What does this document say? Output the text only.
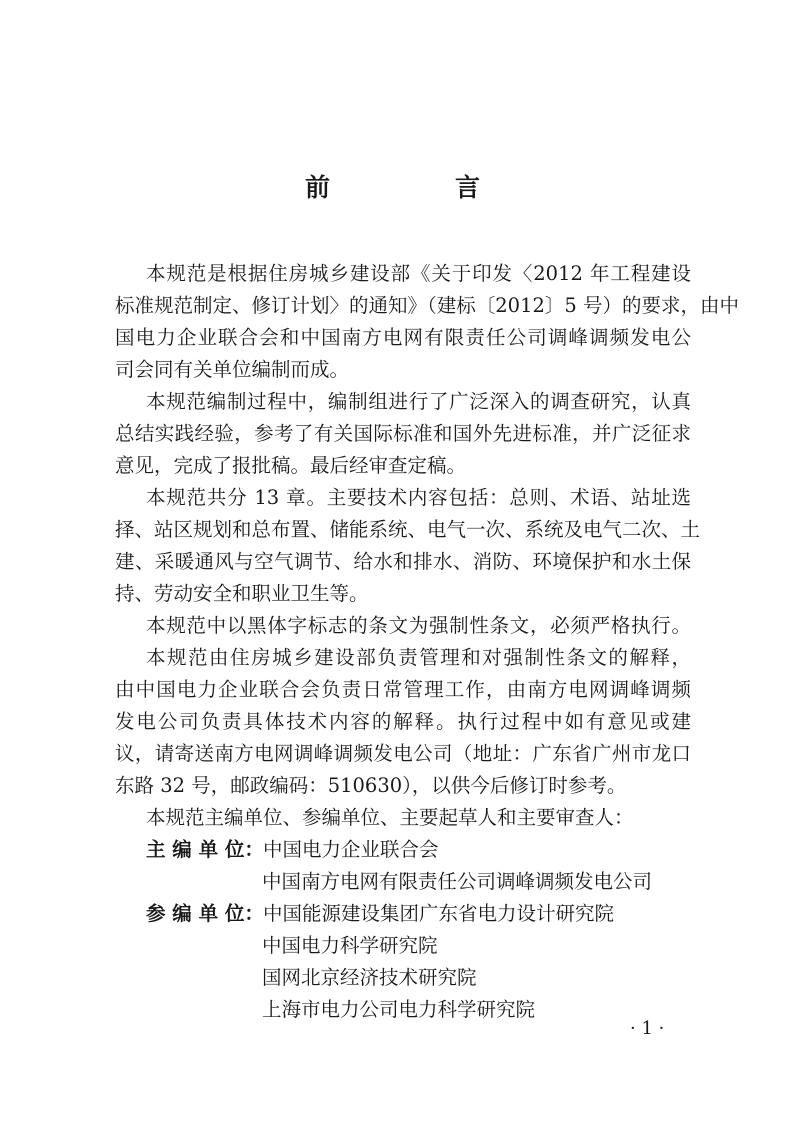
前　言
本规范是根据住房城乡建设部《关于印发〈2012 年工程建设
标准规范制定、修订计划〉的通知》（建标〔2012〕5 号）的要求，由中
国电力企业联合会和中国南方电网有限责任公司调峰调频发电公
司会同有关单位编制而成。
本规范编制过程中，编制组进行了广泛深入的调查研究，认真
总结实践经验，参考了有关国际标准和国外先进标准，并广泛征求
意见，完成了报批稿。最后经审查定稿。
本规范共分 13 章。主要技术内容包括：总则、术语、站址选
择、站区规划和总布置、储能系统、电气一次、系统及电气二次、土
建、采暖通风与空气调节、给水和排水、消防、环境保护和水土保
持、劳动安全和职业卫生等。
本规范中以黑体字标志的条文为强制性条文，必须严格执行。
本规范由住房城乡建设部负责管理和对强制性条文的解释，
由中国电力企业联合会负责日常管理工作，由南方电网调峰调频
发电公司负责具体技术内容的解释。执行过程中如有意见或建
议，请寄送南方电网调峰调频发电公司（地址：广东省广州市龙口
东路 32 号，邮政编码：510630），以供今后修订时参考。
本规范主编单位、参编单位、主要起草人和主要审查人：
主 编 单 位：中国电力企业联合会
中国南方电网有限责任公司调峰调频发电公司
参 编 单 位：中国能源建设集团广东省电力设计研究院
中国电力科学研究院
国网北京经济技术研究院
上海市电力公司电力科学研究院
· 1 ·
